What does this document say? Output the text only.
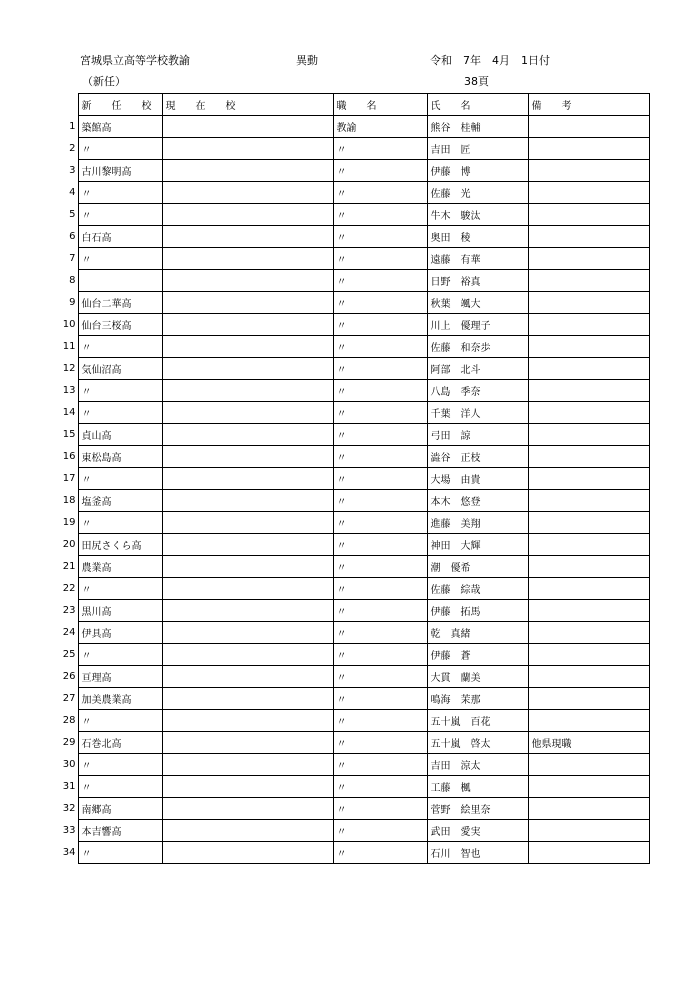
宮城県立高等学校教諭	異動	令和　7年　4月　1日付
（新任）	38頁
	新　　任　　校	現　　在　　校	職　　名	氏　　名	備　　考
1	築館高		教諭	熊谷　桂輔	
2	〃		〃	吉田　匠	
3	古川黎明高		〃	伊藤　博	
4	〃		〃	佐藤　光	
5	〃		〃	牛木　駿汰	
6	白石高		〃	奥田　稜	
7	〃		〃	遠藤　有華	
8			〃	日野　裕真	
9	仙台二華高		〃	秋葉　颯大	
10	仙台三桜高		〃	川上　優理子	
11	〃		〃	佐藤　和奈歩	
12	気仙沼高		〃	阿部　北斗	
13	〃		〃	八島　季奈	
14	〃		〃	千葉　洋人	
15	貞山高		〃	弓田　諒	
16	東松島高		〃	澁谷　正枝	
17	〃		〃	大場　由貴	
18	塩釜高		〃	本木　悠登	
19	〃		〃	進藤　美翔	
20	田尻さくら高		〃	神田　大輝	
21	農業高		〃	潮　優希	
22	〃		〃	佐藤　綜哉	
23	黒川高		〃	伊藤　拓馬	
24	伊具高		〃	乾　真緒	
25	〃		〃	伊藤　蒼	
26	亘理高		〃	大貫　蘭美	
27	加美農業高		〃	鳴海　茉那	
28	〃		〃	五十嵐　百花	
29	石巻北高		〃	五十嵐　啓太	他県現職
30	〃		〃	吉田　涼太	
31	〃		〃	工藤　楓	
32	南郷高		〃	菅野　絵里奈	
33	本吉響高		〃	武田　愛実	
34	〃		〃	石川　智也	
